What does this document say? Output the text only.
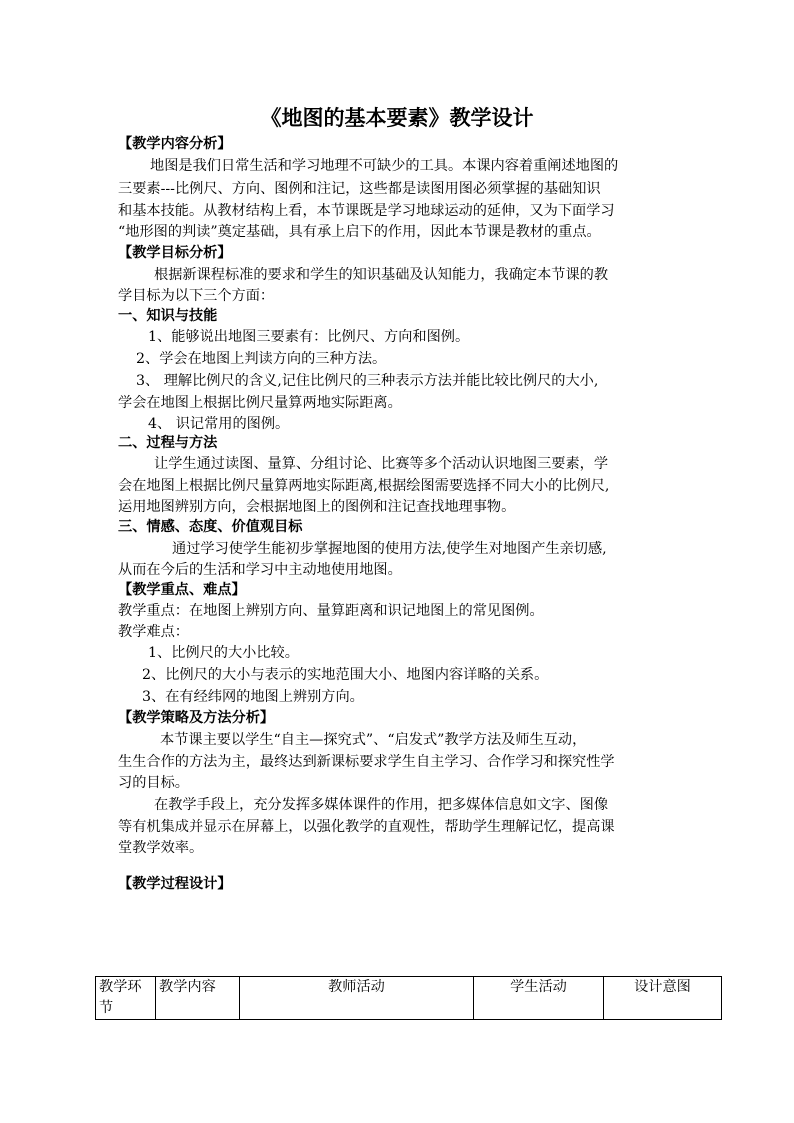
《地图的基本要素》教学设计
【教学内容分析】
地图是我们日常生活和学习地理不可缺少的工具。本课内容着重阐述地图的
三要素---比例尺、方向、图例和注记，这些都是读图用图必须掌握的基础知识
和基本技能。从教材结构上看，本节课既是学习地球运动的延伸，又为下面学习
“地形图的判读”奠定基础，具有承上启下的作用，因此本节课是教材的重点。
【教学目标分析】
根据新课程标准的要求和学生的知识基础及认知能力，我确定本节课的教
学目标为以下三个方面：
一、知识与技能
1、能够说出地图三要素有：比例尺、方向和图例。
2、学会在地图上判读方向的三种方法。
3、 理解比例尺的含义,记住比例尺的三种表示方法并能比较比例尺的大小,
学会在地图上根据比例尺量算两地实际距离。
4、 识记常用的图例。
二、过程与方法
让学生通过读图、量算、分组讨论、比赛等多个活动认识地图三要素，学
会在地图上根据比例尺量算两地实际距离,根据绘图需要选择不同大小的比例尺,
运用地图辨别方向，会根据地图上的图例和注记查找地理事物。
三、情感、态度、价值观目标
通过学习使学生能初步掌握地图的使用方法,使学生对地图产生亲切感,
从而在今后的生活和学习中主动地使用地图。
【教学重点、难点】
教学重点：在地图上辨别方向、量算距离和识记地图上的常见图例。
教学难点：
1、比例尺的大小比较。
2、比例尺的大小与表示的实地范围大小、地图内容详略的关系。
3、在有经纬网的地图上辨别方向。
【教学策略及方法分析】
本节课主要以学生“自主—探究式”、“启发式”教学方法及师生互动，
生生合作的方法为主，最终达到新课标要求学生自主学习、合作学习和探究性学
习的目标。
在教学手段上，充分发挥多媒体课件的作用，把多媒体信息如文字、图像
等有机集成并显示在屏幕上，以强化教学的直观性，帮助学生理解记忆，提高课
堂教学效率。
【教学过程设计】
教学环节	教学内容	教师活动	学生活动	设计意图
